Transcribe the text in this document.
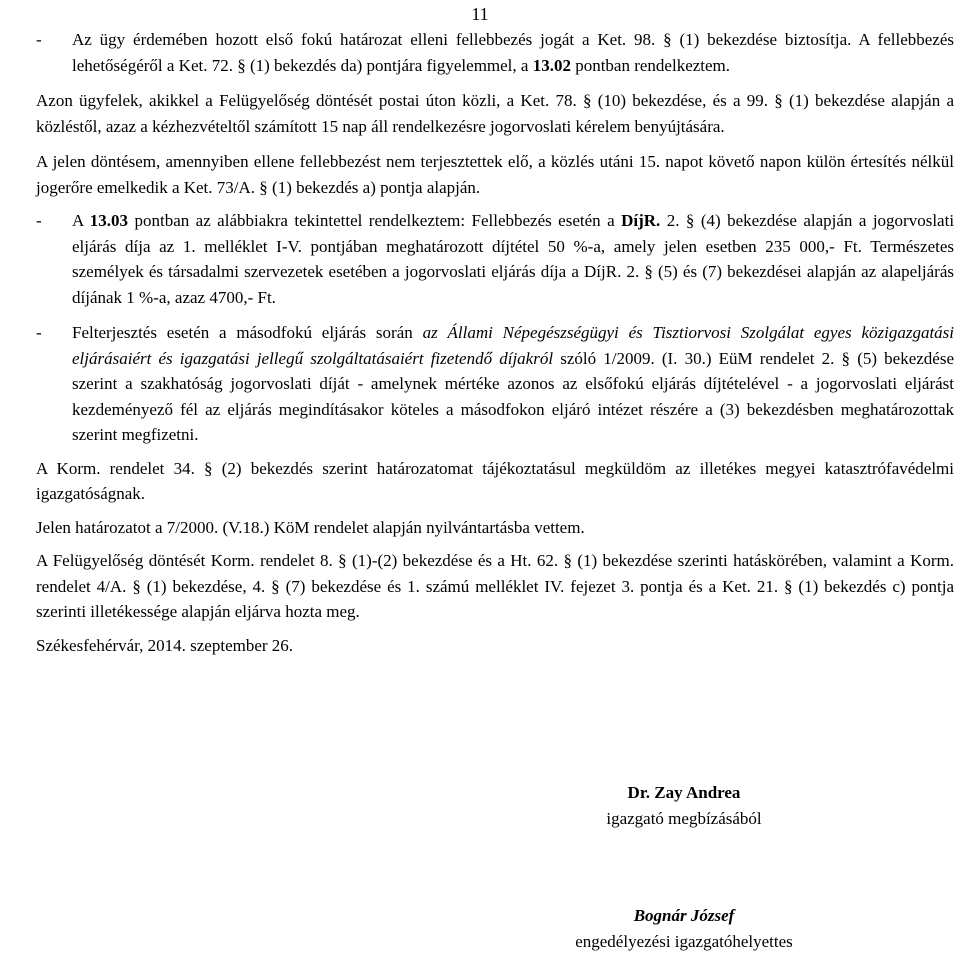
11
-	Az ügy érdemében hozott első fokú határozat elleni fellebbezés jogát a Ket. 98. § (1) bekezdése biztosítja. A fellebbezés lehetőségéről a Ket. 72. § (1) bekezdés da) pontjára figyelemmel, a 13.02 pontban rendelkeztem.

Azon ügyfelek, akikkel a Felügyelőség döntését postai úton közli, a Ket. 78. § (10) bekezdése, és a 99. § (1) bekezdése alapján a közléstől, azaz a kézhezvételtől számított 15 nap áll rendelkezésre jogorvoslati kérelem benyújtására.

A jelen döntésem, amennyiben ellene fellebbezést nem terjesztettek elő, a közlés utáni 15. napot követő napon külön értesítés nélkül jogerőre emelkedik a Ket. 73/A. § (1) bekezdés a) pontja alapján.

-	A 13.03 pontban az alábbiakra tekintettel rendelkeztem: Fellebbezés esetén a DíjR. 2. § (4) bekezdése alapján a jogorvoslati eljárás díja az 1. melléklet I-V. pontjában meghatározott díjtétel 50 %-a, amely jelen esetben 235 000,- Ft. Természetes személyek és társadalmi szervezetek esetében a jogorvoslati eljárás díja a DíjR. 2. § (5) és (7) bekezdései alapján az alapeljárás díjának 1 %-a, azaz 4700,- Ft.
-	Felterjesztés esetén a másodfokú eljárás során az Állami Népegészségügyi és Tisztiorvosi Szolgálat egyes közigazgatási eljárásaiért és igazgatási jellegű szolgáltatásaiért fizetendő díjakról szóló 1/2009. (I. 30.) EüM rendelet 2. § (5) bekezdése szerint a szakhatóság jogorvoslati díját - amelynek mértéke azonos az elsőfokú eljárás díjtételével - a jogorvoslati eljárást kezdeményező fél az eljárás megindításakor köteles a másodfokon eljáró intézet részére a (3) bekezdésben meghatározottak szerint megfizetni.

A Korm. rendelet 34. § (2) bekezdés szerint határozatomat tájékoztatásul megküldöm az illetékes megyei katasztrófavédelmi igazgatóságnak.

Jelen határozatot a 7/2000. (V.18.) KöM rendelet alapján nyilvántartásba vettem.

A Felügyelőség döntését Korm. rendelet 8. § (1)-(2) bekezdése és a Ht. 62. § (1) bekezdése szerinti hatáskörében, valamint a Korm. rendelet 4/A. § (1) bekezdése, 4. § (7) bekezdése és 1. számú melléklet IV. fejezet 3. pontja és a Ket. 21. § (1) bekezdés c) pontja szerinti illetékessége alapján eljárva hozta meg.

Székesfehérvár, 2014. szeptember 26.

Dr. Zay Andrea
igazgató megbízásából
Bognár József
engedélyezési igazgatóhelyettes
